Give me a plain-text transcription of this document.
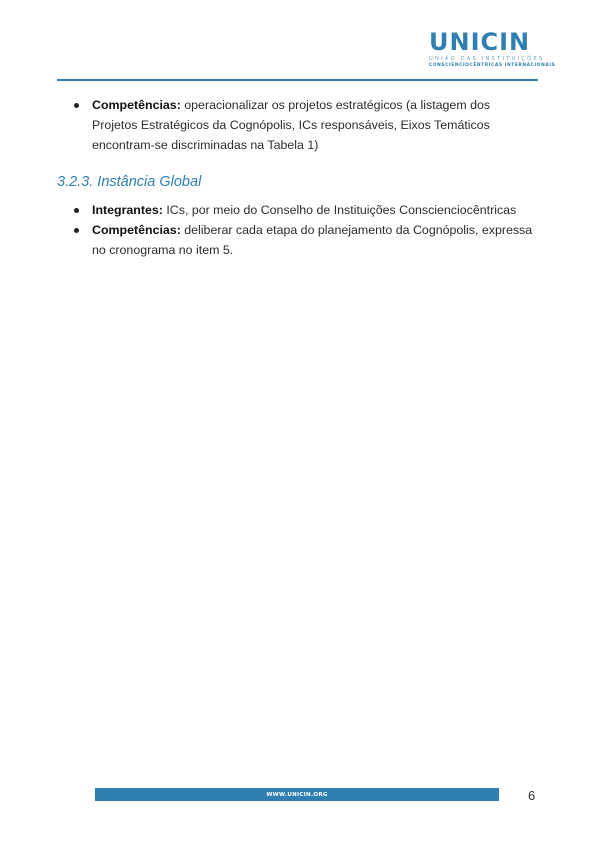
UNICIN
UNIÃO DAS INSTITUIÇÕES
CONSCIENCIOCÊNTRICAS INTERNACIONAIS
Competências: operacionalizar os projetos estratégicos (a listagem dos Projetos Estratégicos da Cognópolis, ICs responsáveis, Eixos Temáticos encontram-se discriminadas na Tabela 1)
3.2.3. Instância Global
Integrantes: ICs, por meio do Conselho de Instituições Conscienciocêntricas
Competências: deliberar cada etapa do planejamento da Cognópolis, expressa no cronograma no item 5.
WWW.UNICIN.ORG	6
